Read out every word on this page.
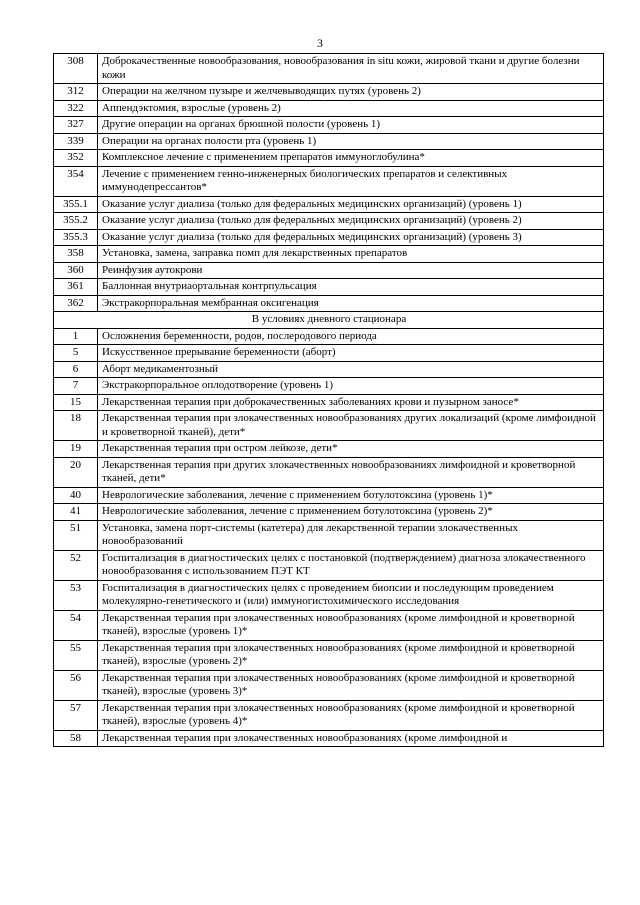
3
308	Доброкачественные новообразования, новообразования in situ кожи, жировой ткани и другие болезни кожи
312	Операции на желчном пузыре и желчевыводящих путях (уровень 2)
322	Аппендэктомия, взрослые (уровень 2)
327	Другие операции на органах брюшной полости (уровень 1)
339	Операции на органах полости рта (уровень 1)
352	Комплексное лечение с применением препаратов иммуноглобулина*
354	Лечение с применением генно-инженерных биологических препаратов и селективных иммунодепрессантов*
355.1	Оказание услуг диализа (только для федеральных медицинских организаций) (уровень 1)
355.2	Оказание услуг диализа (только для федеральных медицинских организаций) (уровень 2)
355.3	Оказание услуг диализа (только для федеральных медицинских организаций) (уровень 3)
358	Установка, замена, заправка помп для лекарственных препаратов
360	Реинфузия аутокрови
361	Баллонная внутриаортальная контрпульсация
362	Экстракорпоральная мембранная оксигенация
В условиях дневного стационара	
1	Осложнения беременности, родов, послеродового периода
5	Искусственное прерывание беременности (аборт)
6	Аборт медикаментозный
7	Экстракорпоральное оплодотворение (уровень 1)
15	Лекарственная терапия при доброкачественных заболеваниях крови и пузырном заносе*
18	Лекарственная терапия при злокачественных новообразованиях других локализаций (кроме лимфоидной и кроветворной тканей), дети*
19	Лекарственная терапия при остром лейкозе, дети*
20	Лекарственная терапия при других злокачественных новообразованиях лимфоидной и кроветворной тканей, дети*
40	Неврологические заболевания, лечение с применением ботулотоксина (уровень 1)*
41	Неврологические заболевания, лечение с применением ботулотоксина (уровень 2)*
51	Установка, замена порт-системы (катетера) для лекарственной терапии злокачественных новообразований
52	Госпитализация в диагностических целях с постановкой (подтверждением) диагноза злокачественного новообразования с использованием ПЭТ КТ
53	Госпитализация в диагностических целях с проведением биопсии и последующим проведением молекулярно-генетического и (или) иммуногистохимического исследования
54	Лекарственная терапия при злокачественных новообразованиях (кроме лимфоидной и кроветворной тканей), взрослые (уровень 1)*
55	Лекарственная терапия при злокачественных новообразованиях (кроме лимфоидной и кроветворной тканей), взрослые (уровень 2)*
56	Лекарственная терапия при злокачественных новообразованиях (кроме лимфоидной и кроветворной тканей), взрослые (уровень 3)*
57	Лекарственная терапия при злокачественных новообразованиях (кроме лимфоидной и кроветворной тканей), взрослые (уровень 4)*
58	Лекарственная терапия при злокачественных новообразованиях (кроме лимфоидной и
